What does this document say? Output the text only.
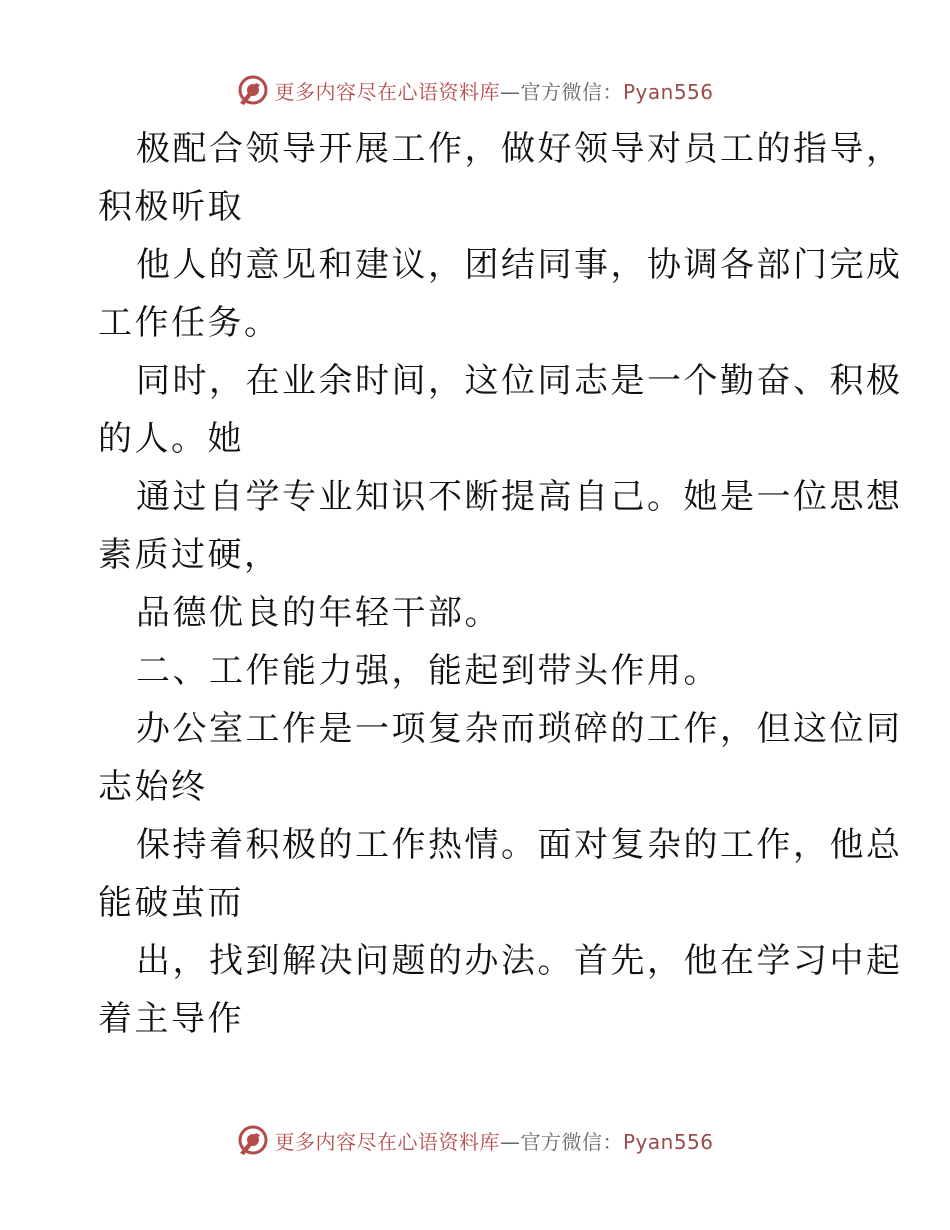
更多内容尽在心语资料库—官方微信：Pyan556

极配合领导开展工作，做好领导对员工的指导，
积极听取

他人的意见和建议，团结同事，协调各部门完成
工作任务。

同时，在业余时间，这位同志是一个勤奋、积极
的人。她

通过自学专业知识不断提高自己。她是一位思想
素质过硬，

品德优良的年轻干部。

二、工作能力强，能起到带头作用。

办公室工作是一项复杂而琐碎的工作，但这位同
志始终

保持着积极的工作热情。面对复杂的工作，他总
能破茧而

出，找到解决问题的办法。首先，他在学习中起
着主导作

更多内容尽在心语资料库—官方微信：Pyan556
